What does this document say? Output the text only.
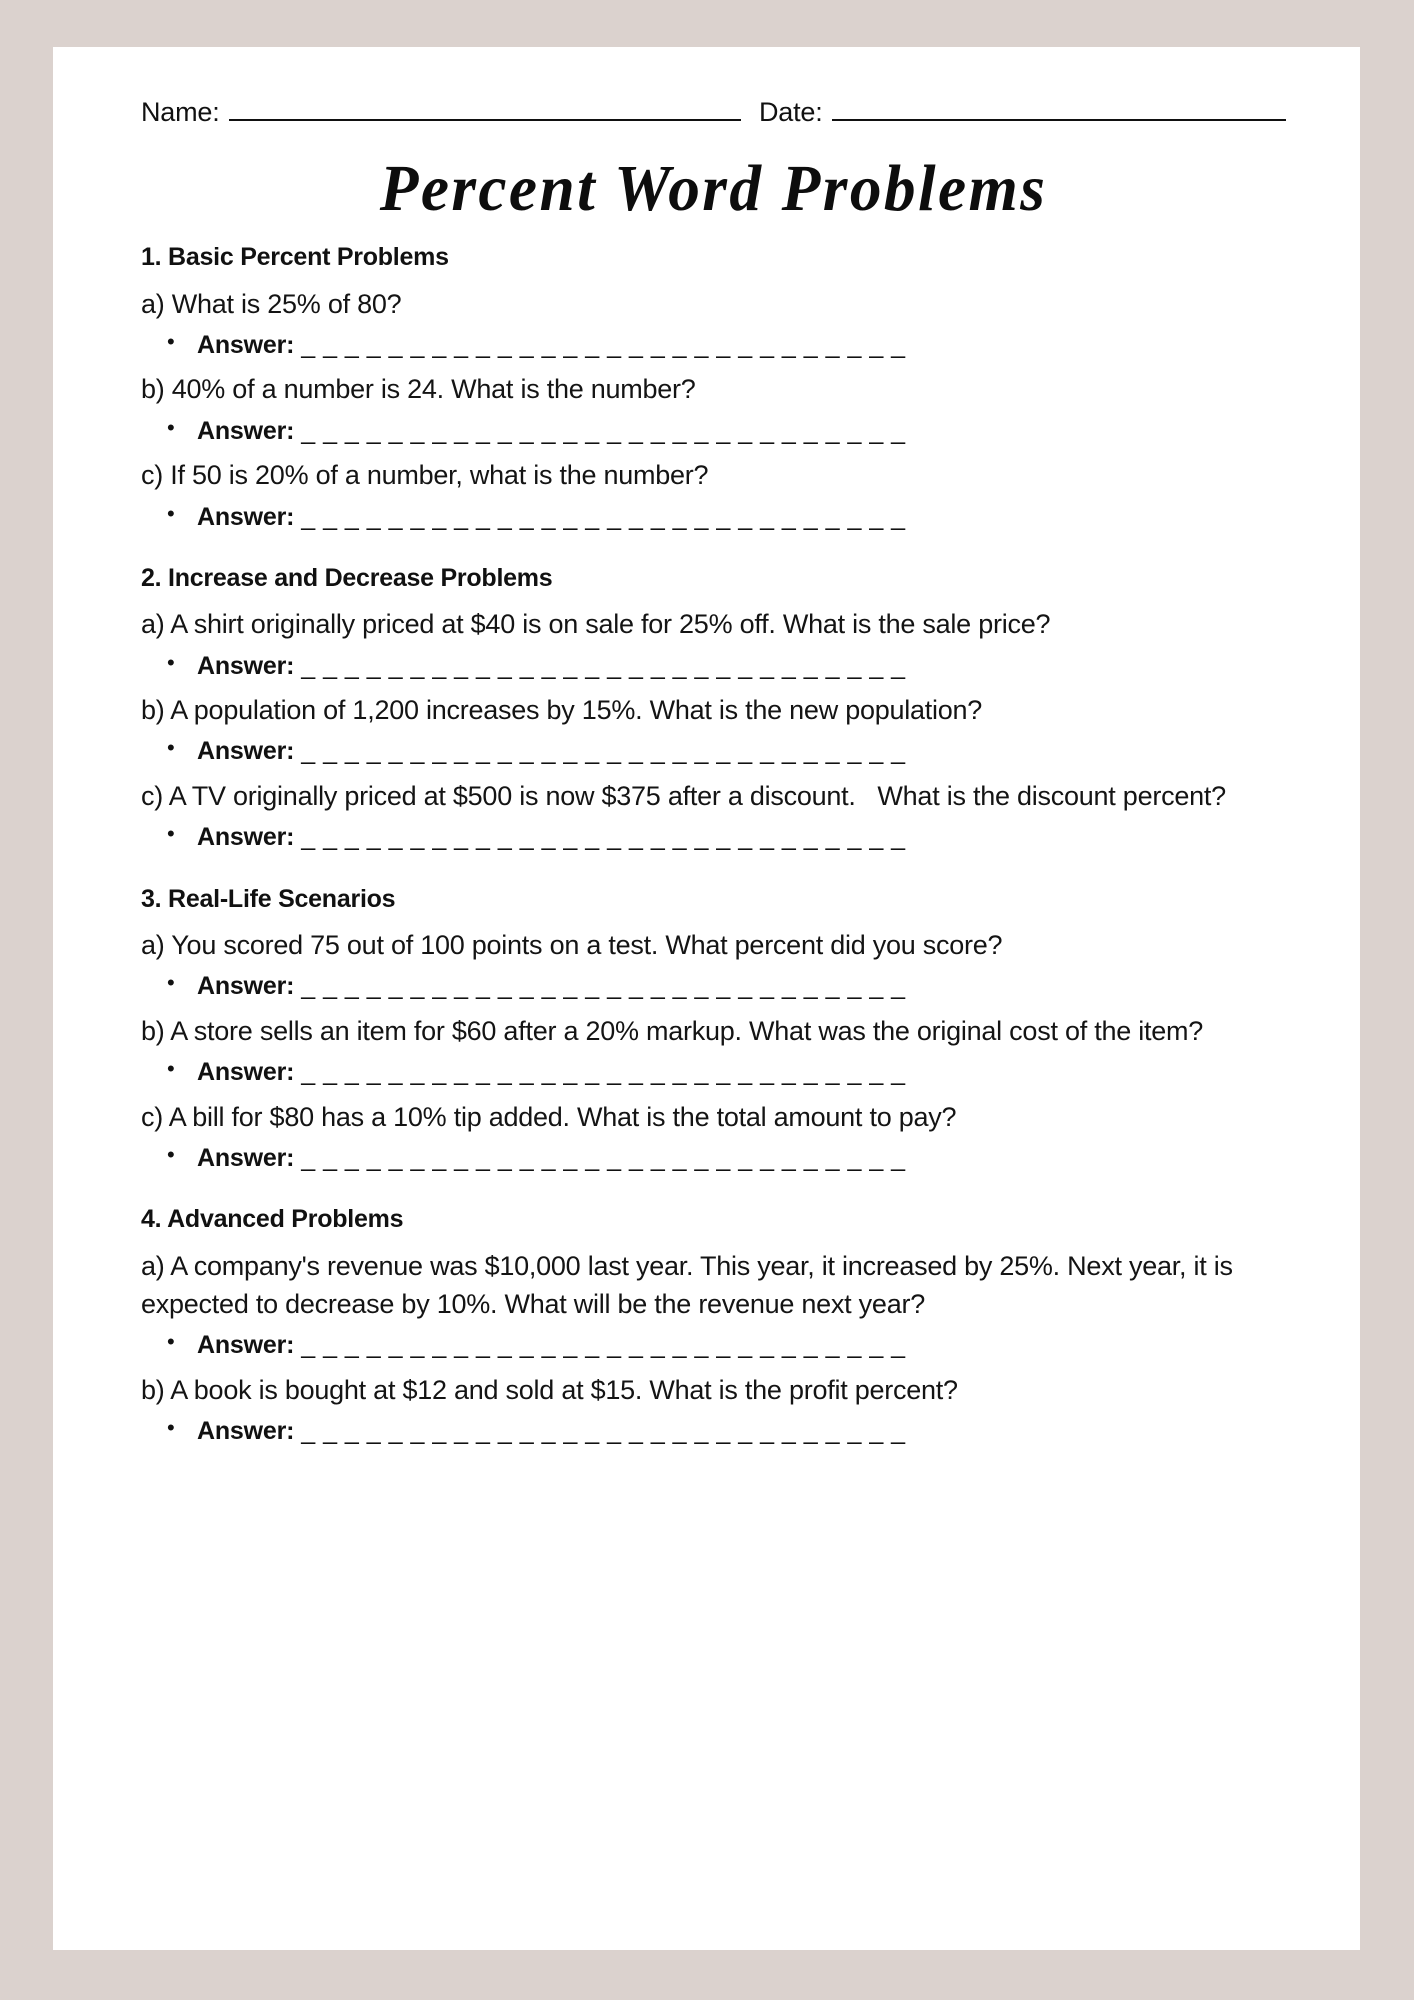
Name:	Date:
Percent Word Problems
1. Basic Percent Problems

a) What is 25% of 80?

• Answer: _ _ _ _ _ _ _ _ _ _ _ _ _ _ _ _ _ _ _ _ _ _ _ _ _ _ _ _

b) 40% of a number is 24. What is the number?

• Answer: _ _ _ _ _ _ _ _ _ _ _ _ _ _ _ _ _ _ _ _ _ _ _ _ _ _ _ _

c) If 50 is 20% of a number, what is the number?

• Answer: _ _ _ _ _ _ _ _ _ _ _ _ _ _ _ _ _ _ _ _ _ _ _ _ _ _ _ _
2. Increase and Decrease Problems

a) A shirt originally priced at $40 is on sale for 25% off. What is the sale price?

• Answer: _ _ _ _ _ _ _ _ _ _ _ _ _ _ _ _ _ _ _ _ _ _ _ _ _ _ _ _

b) A population of 1,200 increases by 15%. What is the new population?

• Answer: _ _ _ _ _ _ _ _ _ _ _ _ _ _ _ _ _ _ _ _ _ _ _ _ _ _ _ _

c) A TV originally priced at $500 is now $375 after a discount.   What is the discount percent?

• Answer: _ _ _ _ _ _ _ _ _ _ _ _ _ _ _ _ _ _ _ _ _ _ _ _ _ _ _ _
3. Real-Life Scenarios

a) You scored 75 out of 100 points on a test. What percent did you score?

• Answer: _ _ _ _ _ _ _ _ _ _ _ _ _ _ _ _ _ _ _ _ _ _ _ _ _ _ _ _

b) A store sells an item for $60 after a 20% markup. What was the original cost of the item?

• Answer: _ _ _ _ _ _ _ _ _ _ _ _ _ _ _ _ _ _ _ _ _ _ _ _ _ _ _ _

c) A bill for $80 has a 10% tip added. What is the total amount to pay?

• Answer: _ _ _ _ _ _ _ _ _ _ _ _ _ _ _ _ _ _ _ _ _ _ _ _ _ _ _ _
4. Advanced Problems

a) A company's revenue was $10,000 last year. This year, it increased by 25%. Next year, it is expected to decrease by 10%. What will be the revenue next year?

• Answer: _ _ _ _ _ _ _ _ _ _ _ _ _ _ _ _ _ _ _ _ _ _ _ _ _ _ _ _

b) A book is bought at $12 and sold at $15. What is the profit percent?

• Answer: _ _ _ _ _ _ _ _ _ _ _ _ _ _ _ _ _ _ _ _ _ _ _ _ _ _ _ _
